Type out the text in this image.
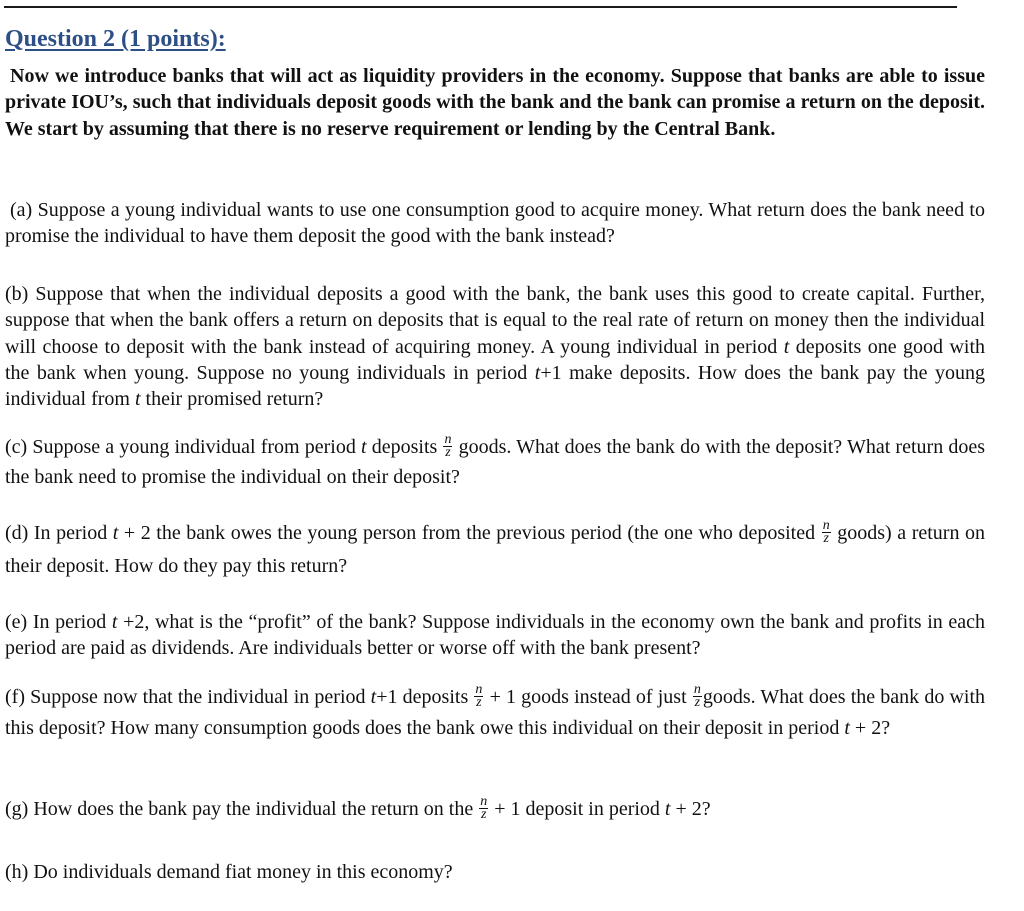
Question 2 (1 points):
Now we introduce banks that will act as liquidity providers in the economy. Suppose that banks are able to issue private IOU’s, such that individuals deposit goods with the bank and the bank can promise a return on the deposit. We start by assuming that there is no reserve requirement or lending by the Central Bank.
(a) Suppose a young individual wants to use one consumption good to acquire money. What return does the bank need to promise the individual to have them deposit the good with the bank instead?
(b) Suppose that when the individual deposits a good with the bank, the bank uses this good to create capital. Further, suppose that when the bank offers a return on deposits that is equal to the real rate of return on money then the individual will choose to deposit with the bank instead of acquiring money. A young individual in period t deposits one good with the bank when young. Suppose no young individuals in period t+1 make deposits. How does the bank pay the young individual from t their promised return?
(c) Suppose a young individual from period t deposits $\frac{n}{z}$ goods. What does the bank do with the deposit? What return does the bank need to promise the individual on their deposit?
(d) In period t + 2 the bank owes the young person from the previous period (the one who deposited $\frac{n}{z}$ goods) a return on their deposit. How do they pay this return?
(e) In period t +2, what is the “profit” of the bank? Suppose individuals in the economy own the bank and profits in each period are paid as dividends. Are individuals better or worse off with the bank present?
(f) Suppose now that the individual in period t+1 deposits $\frac{n}{z} + 1$ goods instead of just $\frac{n}{z}$ goods. What does the bank do with this deposit? How many consumption goods does the bank owe this individual on their deposit in period t + 2?
(g) How does the bank pay the individual the return on the $\frac{n}{z} + 1$ deposit in period t + 2?
(h) Do individuals demand fiat money in this economy?
